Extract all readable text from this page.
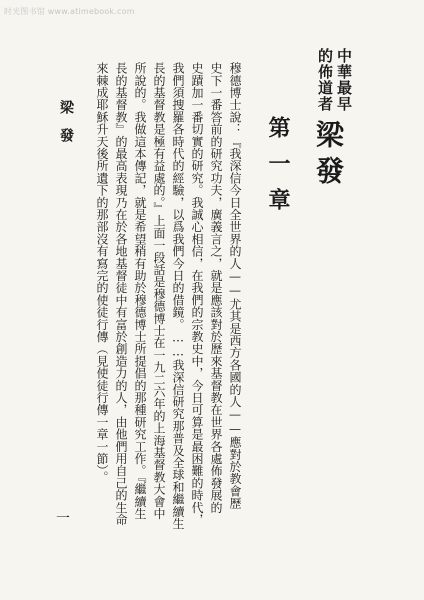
时光图书馆 www.atimebook.com
中華最早
的佈道者
梁發
第一章
穆德博士說：『我深信今日全世界的人——尤其是西方各國的人——應對於教會歷
史下一番答前的研究功夫，廣義言之，就是應該對於歷來基督教在世界各處佈發展的
史蹟加一番切實的研究。我誠心相信，在我們的宗教史中，今日可算是最困難的時代，
我們須捜羅各時代的經驗，以爲我們今日的借鏡。……我深信研究那普及全球和繼續生
長的基督教是極有益處的。』上面一段話是穆德博士在一九二六年的上海基督教大會中
所說的。我做這本傳記，就是希望稍有助於穆德博士所提倡的那種研究工作。『繼續生
長的基督教』的最高表現乃在於各地基督徒中有富於創造力的人，由他們用自己的生命
來棘成耶穌升天後所遺下的那部沒有寫完的使徒行傳（見使徒行傳一章一節）。
梁發
一
